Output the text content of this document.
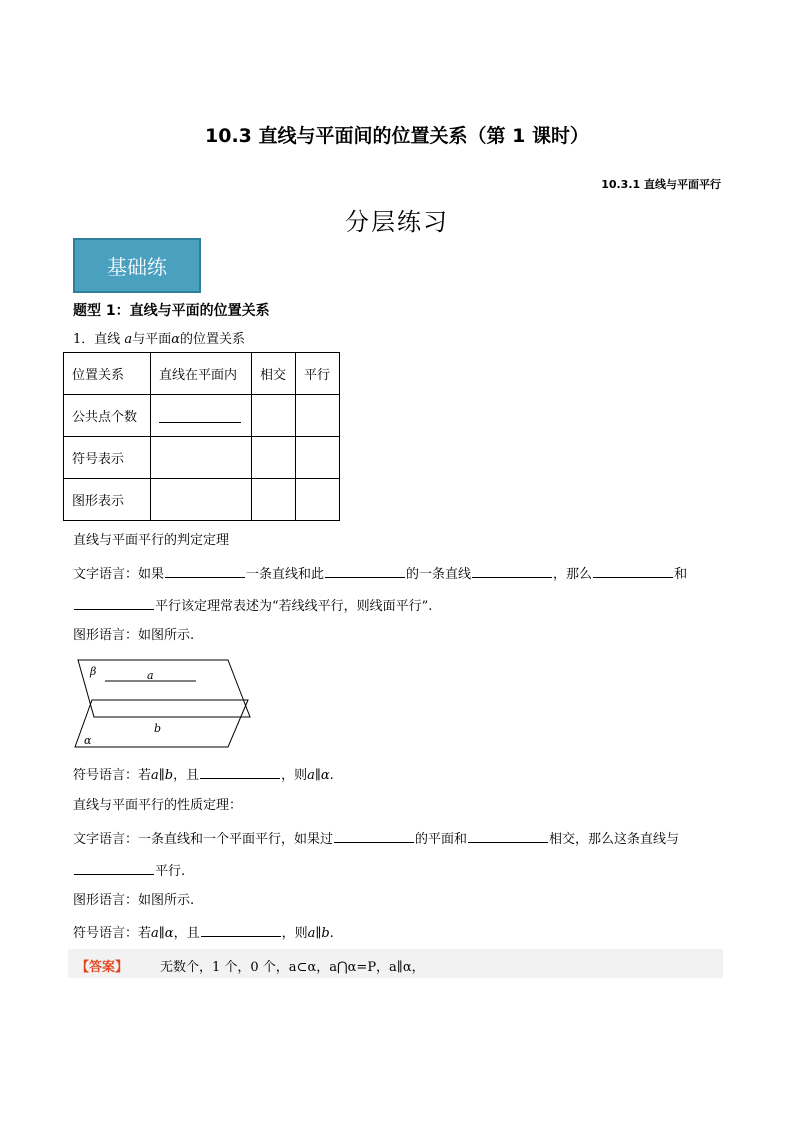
10.3 直线与平面间的位置关系（第 1 课时）
10.3.1 直线与平面平行
分层练习
基础练
题型 1：直线与平面的位置关系
1．直线 a与平面α的位置关系
位置关系	直线在平面内	相交	平行
公共点个数			
符号表示			
图形表示			
直线与平面平行的判定定理
文字语言：如果	一条直线和此	的一条直线	，那么	和
平行该定理常表述为“若线线平行，则线面平行”.
图形语言：如图所示.
β	a
b
α
符号语言：若a∥b，且	，则a∥α.
直线与平面平行的性质定理：
文字语言：一条直线和一个平面平行，如果过	的平面和	相交，那么这条直线与
平行.
图形语言：如图所示.
符号语言：若a∥α，且	，则a∥b.
【答案】 无数个，1 个，0 个，a⊂α，a⋂α=P，a∥α，
